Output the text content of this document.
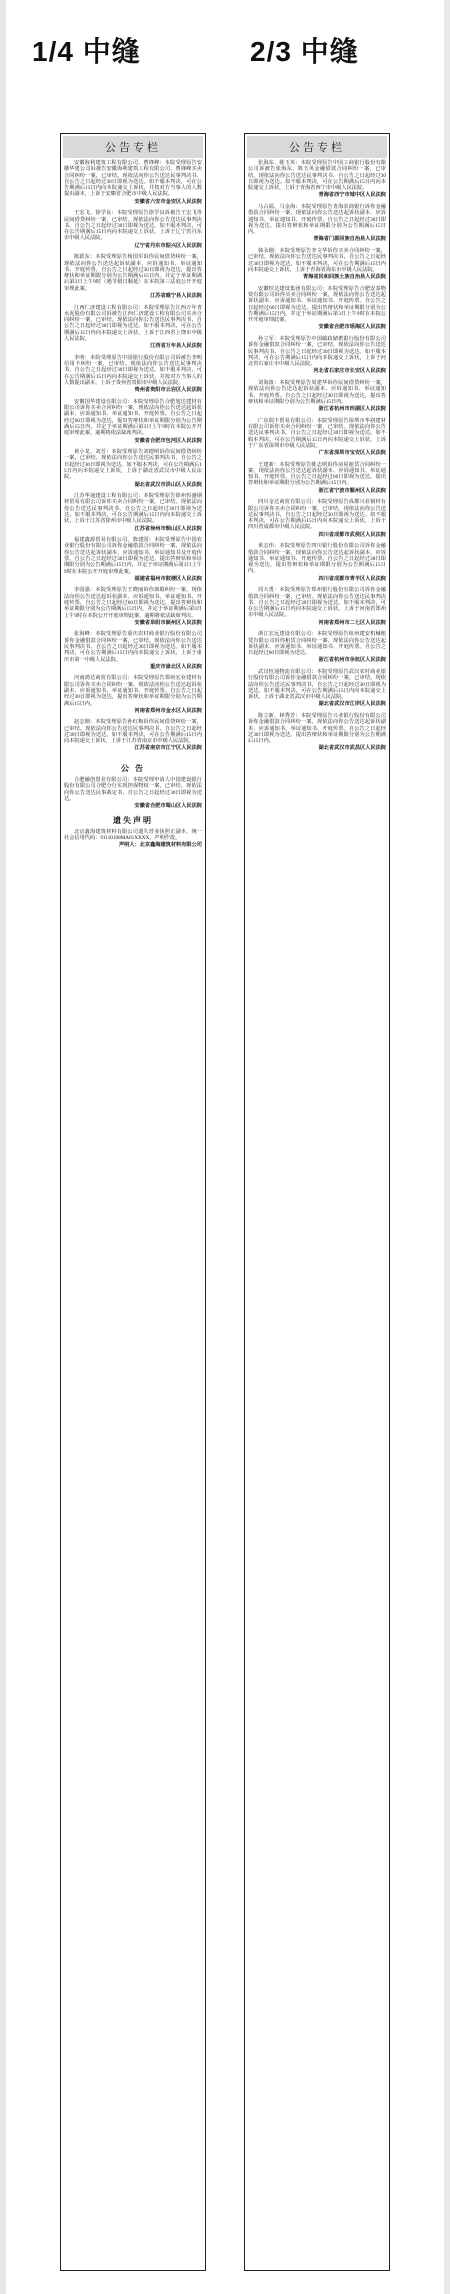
1/4 中缝	2/3 中缝
公告专栏
安徽海利建筑工程有限公司、曹锋峰：本院受理原告安徽华建公司诉被告安徽海利建筑工程有限公司、曹锋峰买卖合同纠纷一案，已审结。现依法向你公告送达民事判决书，自公告之日起经过30日即视为送达。如不服本判决，可在公告期满后15日内向本院递交上诉状，并按对方当事人的人数提出副本，上诉于安徽省合肥市中级人民法院。
安徽省六安市金安区人民法院
王宏飞、徐学良：本院受理原告徐学良诉被告王宏飞等民间借贷纠纷一案，已审结。现依法向你公告送达民事判决书，自公告之日起经过30日即视为送达。如不服本判决，可在公告期满后15日内向本院递交上诉状，上诉于辽宁省丹东市中级人民法院。
辽宁省丹东市振兴区人民法院
陈跃东：本院受理原告杨国军诉你民间借贷纠纷一案，现依法向你公告送达起诉状副本、应诉通知书、举证通知书、开庭传票。自公告之日起经过30日即视为送达，提出答辩状和举证期限分别为公告期满后15日内。并定于举证期满后第3日上午9时（遇节假日顺延）在本院第三法庭公开开庭审理此案。
江苏省睢宁县人民法院
江西仁济建设工程有限公司：本院受理原告江西万年青水泥股份有限公司诉被告江西仁济建设工程有限公司买卖合同纠纷一案，已审结。现依法向你公告送达民事判决书，自公告之日起经过30日即视为送达。如不服本判决，可在公告期满后15日内向本院递交上诉状，上诉于江西省上饶市中级人民法院。
江西省万年县人民法院
李明：本院受理原告中国银行股份有限公司诉被告李明信用卡纠纷一案，已审结。现依法向你公告送达民事判决书，自公告之日起经过30日即视为送达。如不服本判决，可在公告期满后15日内向本院递交上诉状，并按对方当事人的人数提出副本，上诉于贵州省贵阳市中级人民法院。
贵州省贵阳市云岩区人民法院
安徽国华建设有限公司：本院受理原告合肥旭达建材有限公司诉你买卖合同纠纷一案，现依法向你公告送达起诉状副本、应诉通知书、举证通知书、开庭传票。自公告之日起经过60日即视为送达，提出答辩状和举证期限分别为公告期满后15日内。并定于举证期满后第3日上午9时在本院公开开庭审理此案。逾期将依法缺席判决。
安徽省合肥市包河区人民法院
黄小龙、刘芳：本院受理原告刘德明诉你民间借贷纠纷一案，已审结。现依法向你公告送达民事判决书，自公告之日起经过30日即视为送达。如不服本判决，可在公告期满后15日内向本院递交上诉状，上诉于湖北省武汉市中级人民法院。
湖北省武汉市洪山区人民法院
江苏华通建设工程有限公司：本院受理原告徐州恒盛钢材贸易有限公司诉你买卖合同纠纷一案，已审结。现依法向你公告送达民事判决书，自公告之日起经过30日即视为送达。如不服本判决，可在公告期满后15日内向本院递交上诉状，上诉于江苏省徐州市中级人民法院。
江苏省徐州市铜山区人民法院
福建鑫源贸易有限公司、陈建国：本院受理原告中国农业银行股份有限公司诉你金融借款合同纠纷一案，现依法向你公告送达起诉状副本、应诉通知书、举证通知书及开庭传票。自公告之日起经过30日即视为送达。提出答辩状和举证期限分别为公告期满后15日内，并定于举证期满后第3日上午9时在本院公开开庭审理此案。
福建省福州市鼓楼区人民法院
李国强：本院受理原告王晓丽诉你离婚纠纷一案，现依法向你公告送达起诉状副本、应诉通知书、举证通知书、开庭传票。自公告之日起经过60日即视为送达。提出答辩状和举证期限分别为公告期满后15日内，并定于举证期满后第3日上午9时在本院公开开庭审理此案，逾期将依法缺席判决。
安徽省阜阳市颍州区人民法院
张海峰：本院受理原告重庆农村商业银行股份有限公司诉你金融借款合同纠纷一案，已审结。现依法向你公告送达民事判决书，自公告之日起经过30日即视为送达。如不服本判决，可在公告期满后15日内向本院递交上诉状，上诉于重庆市第一中级人民法院。
重庆市渝北区人民法院
河南鸿达商贸有限公司：本院受理原告郑州宏业建材有限公司诉你买卖合同纠纷一案，现依法向你公告送达起诉状副本、应诉通知书、举证通知书、开庭传票。自公告之日起经过30日即视为送达，提出答辩状和举证期限分别为公告期满后15日内。
河南省郑州市金水区人民法院
赵志刚：本院受理原告孙红梅诉你民间借贷纠纷一案，已审结。现依法向你公告送达民事判决书，自公告之日起经过30日即视为送达。如不服本判决，可在公告期满后15日内向本院递交上诉状，上诉于江苏省南京市中级人民法院。
江苏省南京市江宁区人民法院
公 告
合肥融创置业有限公司：本院受理申请人中国建设银行股份有限公司合肥分行实现担保物权一案，已审结。现依法向你公告送达民事裁定书，自公告之日起经过30日即视为送达。
安徽省合肥市蜀山区人民法院
遗失声明
北京鑫海建筑材料有限公司遗失营业执照正副本，统一社会信用代码：91110108MA01XXXX，声明作废。
声明人：北京鑫海建筑材料有限公司
公告专栏
张海东、陈玉英：本院受理原告中国工商银行股份有限公司诉被告张海东、陈玉英金融借款合同纠纷一案，已审结。现依法向你公告送达民事判决书，自公告之日起经过30日即视为送达。如不服本判决，可在公告期满后15日内向本院递交上诉状，上诉于青海省西宁市中级人民法院。
青海省西宁市城中区人民法院
马占福、马金海：本院受理原告青海农商银行诉你金融借款合同纠纷一案，现依法向你公告送达起诉状副本、应诉通知书、举证通知书、开庭传票。自公告之日起经过30日即视为送达，提出答辩状和举证期限分别为公告期满后15日内。
青海省门源回族自治县人民法院
韩永刚：本院受理原告李文华诉你买卖合同纠纷一案，已审结。现依法向你公告送达民事判决书，自公告之日起经过30日即视为送达。如不服本判决，可在公告期满后15日内向本院递交上诉状，上诉于青海省海东市中级人民法院。
青海省民和回族土族自治县人民法院
安徽恒达建设集团有限公司：本院受理原告合肥安泰物资有限公司诉你买卖合同纠纷一案，现依法向你公告送达起诉状副本、应诉通知书、举证通知书、开庭传票。自公告之日起经过60日即视为送达。提出答辩状和举证期限分别为公告期满后15日内，并定于举证期满后第3日上午9时在本院公开开庭审理此案。
安徽省合肥市瑶海区人民法院
孙立军：本院受理原告中国邮政储蓄银行股份有限公司诉你金融借款合同纠纷一案，已审结。现依法向你公告送达民事判决书，自公告之日起经过30日即视为送达。如不服本判决，可在公告期满后15日内向本院递交上诉状，上诉于河北省石家庄市中级人民法院。
河北省石家庄市长安区人民法院
刘海波：本院受理原告周建华诉你民间借贷纠纷一案，现依法向你公告送达起诉状副本、应诉通知书、举证通知书、开庭传票。自公告之日起经过30日即视为送达，提出答辩状和举证期限分别为公告期满后15日内。
浙江省杭州市西湖区人民法院
广东瑞丰贸易有限公司：本院受理原告深圳市华润建材有限公司诉你买卖合同纠纷一案，已审结。现依法向你公告送达民事判决书，自公告之日起经过30日即视为送达。如不服本判决，可在公告期满后15日内向本院递交上诉状，上诉于广东省深圳市中级人民法院。
广东省深圳市宝安区人民法院
王建新：本院受理原告陈志明诉你房屋租赁合同纠纷一案，现依法向你公告送达起诉状副本、应诉通知书、举证通知书、开庭传票。自公告之日起经过60日即视为送达。提出答辩状和举证期限分别为公告期满后15日内。
浙江省宁波市鄞州区人民法院
四川金达商贸有限公司：本院受理原告成都兴业钢材有限公司诉你买卖合同纠纷一案，已审结。现依法向你公告送达民事判决书，自公告之日起经过30日即视为送达。如不服本判决，可在公告期满后15日内向本院递交上诉状，上诉于四川省成都市中级人民法院。
四川省成都市武侯区人民法院
黄志伟：本院受理原告四川银行股份有限公司诉你金融借款合同纠纷一案，现依法向你公告送达起诉状副本、应诉通知书、举证通知书、开庭传票。自公告之日起经过30日即视为送达，提出答辩状和举证期限分别为公告期满后15日内。
四川省成都市青羊区人民法院
周大勇：本院受理原告郑州银行股份有限公司诉你金融借款合同纠纷一案，已审结。现依法向你公告送达民事判决书，自公告之日起经过30日即视为送达。如不服本判决，可在公告期满后15日内向本院递交上诉状，上诉于河南省郑州市中级人民法院。
河南省郑州市二七区人民法院
浙江宏远建设有限公司：本院受理原告杭州建安机械租赁有限公司诉你租赁合同纠纷一案，现依法向你公告送达起诉状副本、应诉通知书、举证通知书、开庭传票。自公告之日起经过60日即视为送达。
浙江省杭州市余杭区人民法院
武汉恒通物流有限公司：本院受理原告武汉农村商业银行股份有限公司诉你金融借款合同纠纷一案，已审结。现依法向你公告送达民事判决书，自公告之日起经过30日即视为送达。如不服本判决，可在公告期满后15日内向本院递交上诉状，上诉于湖北省武汉市中级人民法院。
湖北省武汉市江岸区人民法院
陈立新、林秀芳：本院受理原告兴业银行股份有限公司诉你金融借款合同纠纷一案，现依法向你公告送达起诉状副本、应诉通知书、举证通知书、开庭传票。自公告之日起经过30日即视为送达，提出答辩状和举证期限分别为公告期满后15日内。
湖北省武汉市武昌区人民法院
